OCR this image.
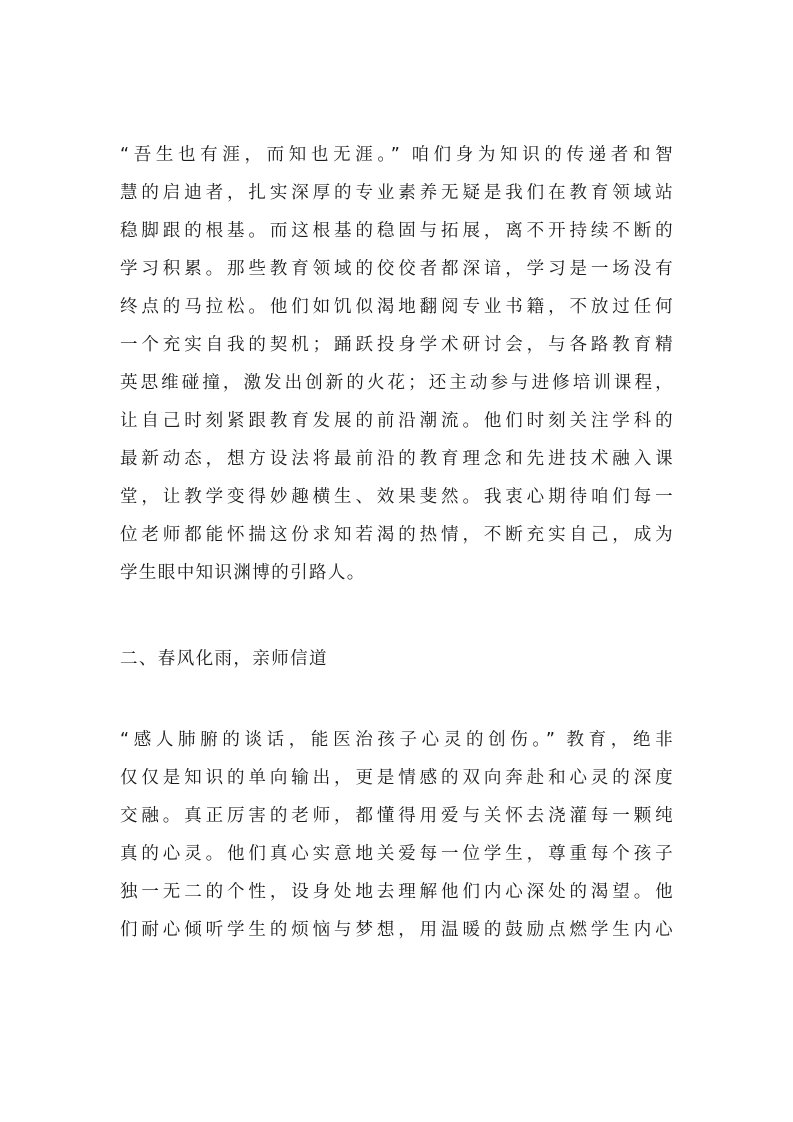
“吾生也有涯，而知也无涯。” 咱们身为知识的传递者和智
慧的启迪者，扎实深厚的专业素养无疑是我们在教育领域站
稳脚跟的根基。而这根基的稳固与拓展，离不开持续不断的
学习积累。那些教育领域的佼佼者都深谙，学习是一场没有
终点的马拉松。他们如饥似渴地翻阅专业书籍，不放过任何
一个充实自我的契机；踊跃投身学术研讨会，与各路教育精
英思维碰撞，激发出创新的火花；还主动参与进修培训课程，
让自己时刻紧跟教育发展的前沿潮流。他们时刻关注学科的
最新动态，想方设法将最前沿的教育理念和先进技术融入课
堂，让教学变得妙趣横生、效果斐然。我衷心期待咱们每一
位老师都能怀揣这份求知若渴的热情，不断充实自己，成为
学生眼中知识渊博的引路人。
二、春风化雨，亲师信道
“感人肺腑的谈话，能医治孩子心灵的创伤。” 教育，绝非
仅仅是知识的单向输出，更是情感的双向奔赴和心灵的深度
交融。真正厉害的老师，都懂得用爱与关怀去浇灌每一颗纯
真的心灵。他们真心实意地关爱每一位学生，尊重每个孩子
独一无二的个性，设身处地去理解他们内心深处的渴望。他
们耐心倾听学生的烦恼与梦想，用温暖的鼓励点燃学生内心
